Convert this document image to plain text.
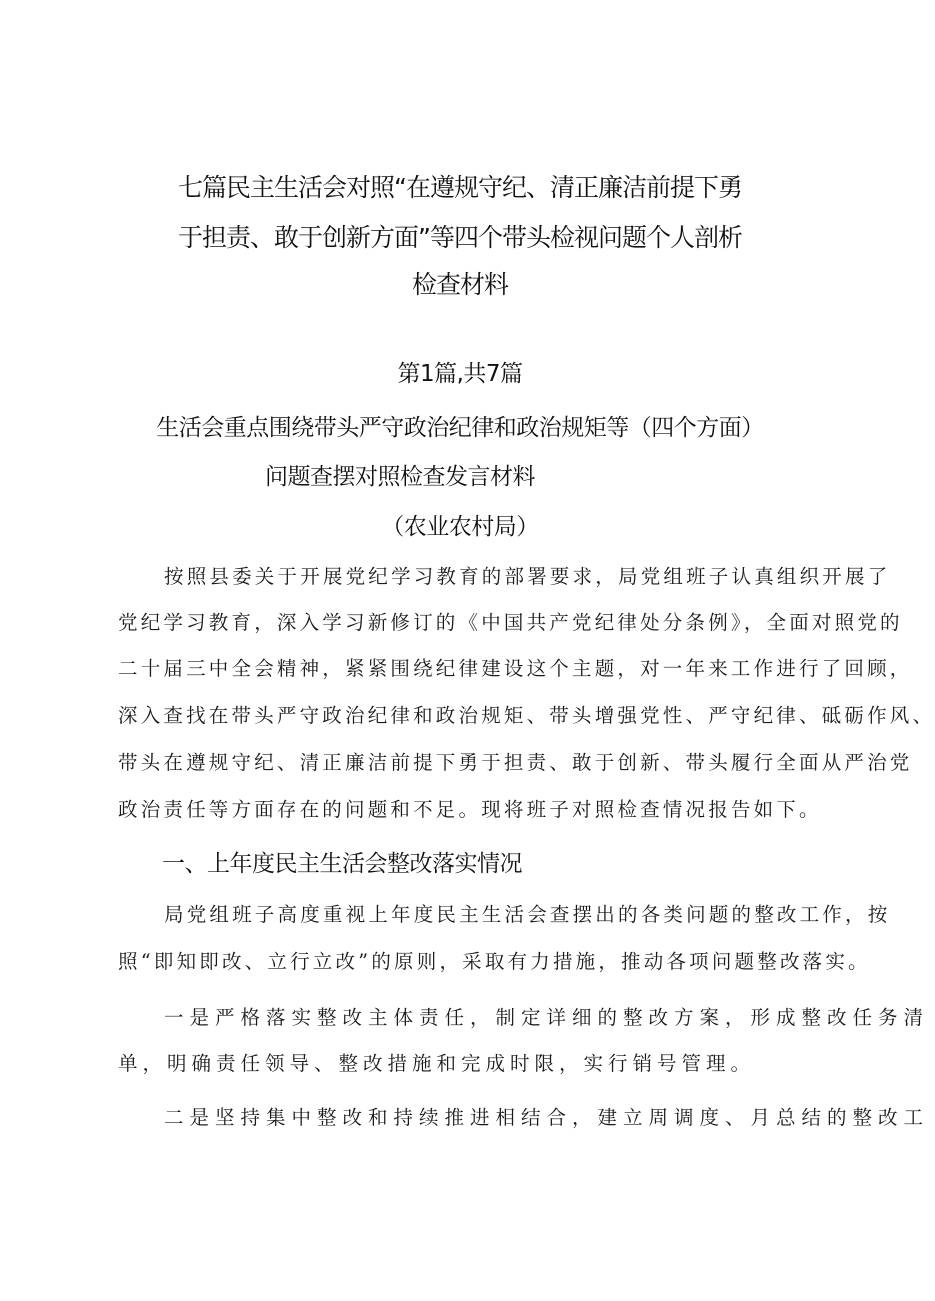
七篇民主生活会对照“在遵规守纪、清正廉洁前提下勇
于担责、敢于创新方面”等四个带头检视问题个人剖析
检查材料
第1篇,共7篇
生活会重点围绕带头严守政治纪律和政治规矩等（四个方面）
问题查摆对照检查发言材料
（农业农村局）
按照县委关于开展党纪学习教育的部署要求，局党组班子认真组织开展了
党纪学习教育，深入学习新修订的《中国共产党纪律处分条例》，全面对照党的
二十届三中全会精神，紧紧围绕纪律建设这个主题，对一年来工作进行了回顾，
深入查找在带头严守政治纪律和政治规矩、带头增强党性、严守纪律、砥砺作风、
带头在遵规守纪、清正廉洁前提下勇于担责、敢于创新、带头履行全面从严治党
政治责任等方面存在的问题和不足。现将班子对照检查情况报告如下。
一、上年度民主生活会整改落实情况
局党组班子高度重视上年度民主生活会查摆出的各类问题的整改工作，按
照“即知即改、立行立改”的原则，采取有力措施，推动各项问题整改落实。
一是严格落实整改主体责任，制定详细的整改方案，形成整改任务清
单，明确责任领导、整改措施和完成时限，实行销号管理。
二是坚持集中整改和持续推进相结合，建立周调度、月总结的整改工
